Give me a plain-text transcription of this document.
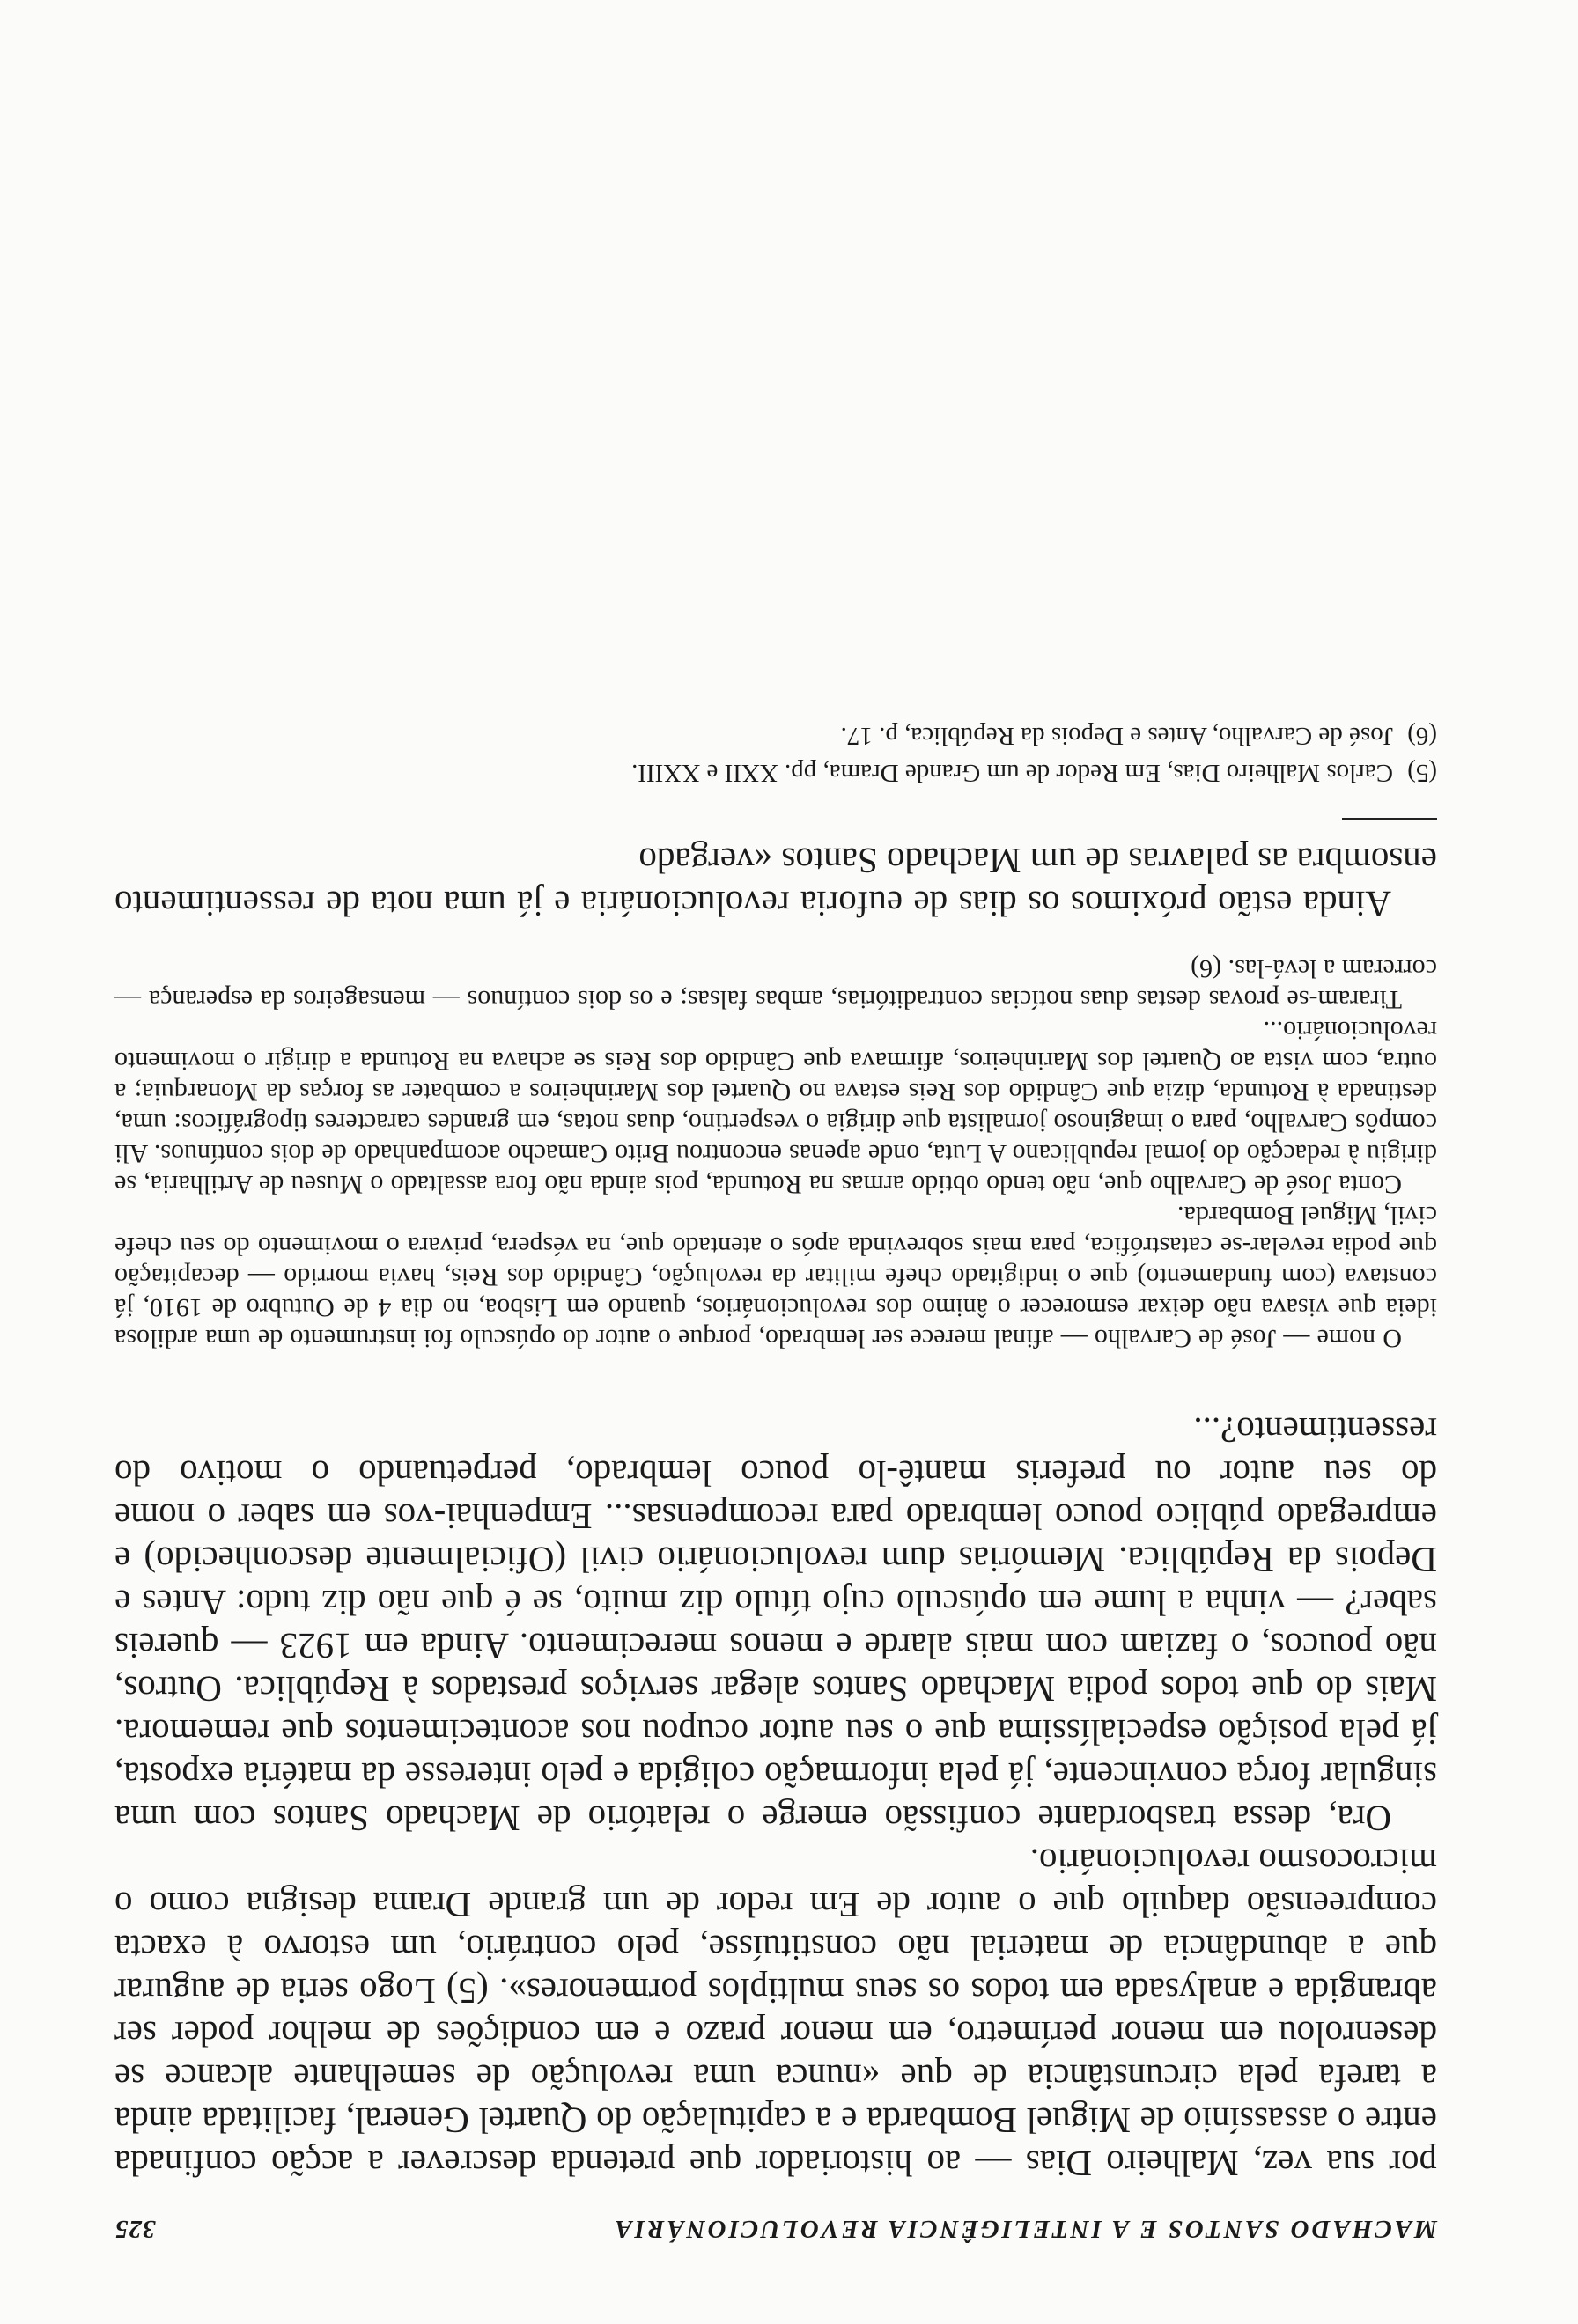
MACHADO SANTOS E A INTELIGÊNCIA REVOLUCIONÁRIA
325

por sua vez, Malheiro Dias — ao historiador que pretenda descrever a acção confinada entre o assassínio de Miguel Bombarda e a capitulação do Quartel General, facilitada ainda a tarefa pela circunstância de que «nunca uma revolução de semelhante alcance se desenrolou em menor perímetro, em menor prazo e em condições de melhor poder ser abrangida e analysada em todos os seus multiplos pormenores». (5) Logo seria de augurar que a abundância de material não constituísse, pelo contrário, um estorvo à exacta compreensão daquilo que o autor de Em redor de um grande Drama designa como o microcosmo revolucionário.

Ora, dessa trasbordante confissão emerge o relatório de Machado Santos com uma singular força convincente, já pela informação coligida e pelo interesse da matéria exposta, já pela posição especialíssima que o seu autor ocupou nos acontecimentos que rememora. Mais do que todos podia Machado Santos alegar serviços prestados à República. Outros, não poucos, o faziam com mais alarde e menos merecimento. Ainda em 1923 — quereis saber? — vinha a lume em opúsculo cujo título diz muito, se é que não diz tudo: Antes e Depois da República. Memórias dum revolucionário civil (Oficialmente desconhecido) e empregado público pouco lembrado para recompensas... Empenhai-vos em saber o nome do seu autor ou preferis mantê-lo pouco lembrado, perpetuando o motivo do ressentimento?...

O nome — José de Carvalho — afinal merece ser lembrado, porque o autor do opúsculo foi instrumento de uma ardilosa ideia que visava não deixar esmorecer o ânimo dos revolucionários, quando em Lisboa, no dia 4 de Outubro de 1910, já constava (com fundamento) que o indigitado chefe militar da revolução, Cândido dos Reis, havia morrido — decapitação que podia revelar-se catastrófica, para mais sobrevinda após o atentado que, na véspera, privara o movimento do seu chefe civil, Miguel Bombarda.

Conta José de Carvalho que, não tendo obtido armas na Rotunda, pois ainda não fora assaltado o Museu de Artilharia, se dirigiu à redacção do jornal republicano A Luta, onde apenas encontrou Brito Camacho acompanhado de dois contínuos. Ali compôs Carvalho, para o imaginoso jornalista que dirigia o vespertino, duas notas, em grandes caracteres tipográficos: uma, destinada à Rotunda, dizia que Cândido dos Reis estava no Quartel dos Marinheiros a combater as forças da Monarquia; a outra, com vista ao Quartel dos Marinheiros, afirmava que Cândido dos Reis se achava na Rotunda a dirigir o movimento revolucionário...

Tiraram-se provas destas duas notícias contraditórias, ambas falsas; e os dois contínuos — mensageiros da esperança — correram a levá-las. (6)

Ainda estão próximos os dias de euforia revolucionária e já uma nota de ressentimento ensombra as palavras de um Machado Santos «vergado

(5)Carlos Malheiro Dias, Em Redor de um Grande Drama, pp. XXII e XXIII.

(6)José de Carvalho, Antes e Depois da República, p. 17.
